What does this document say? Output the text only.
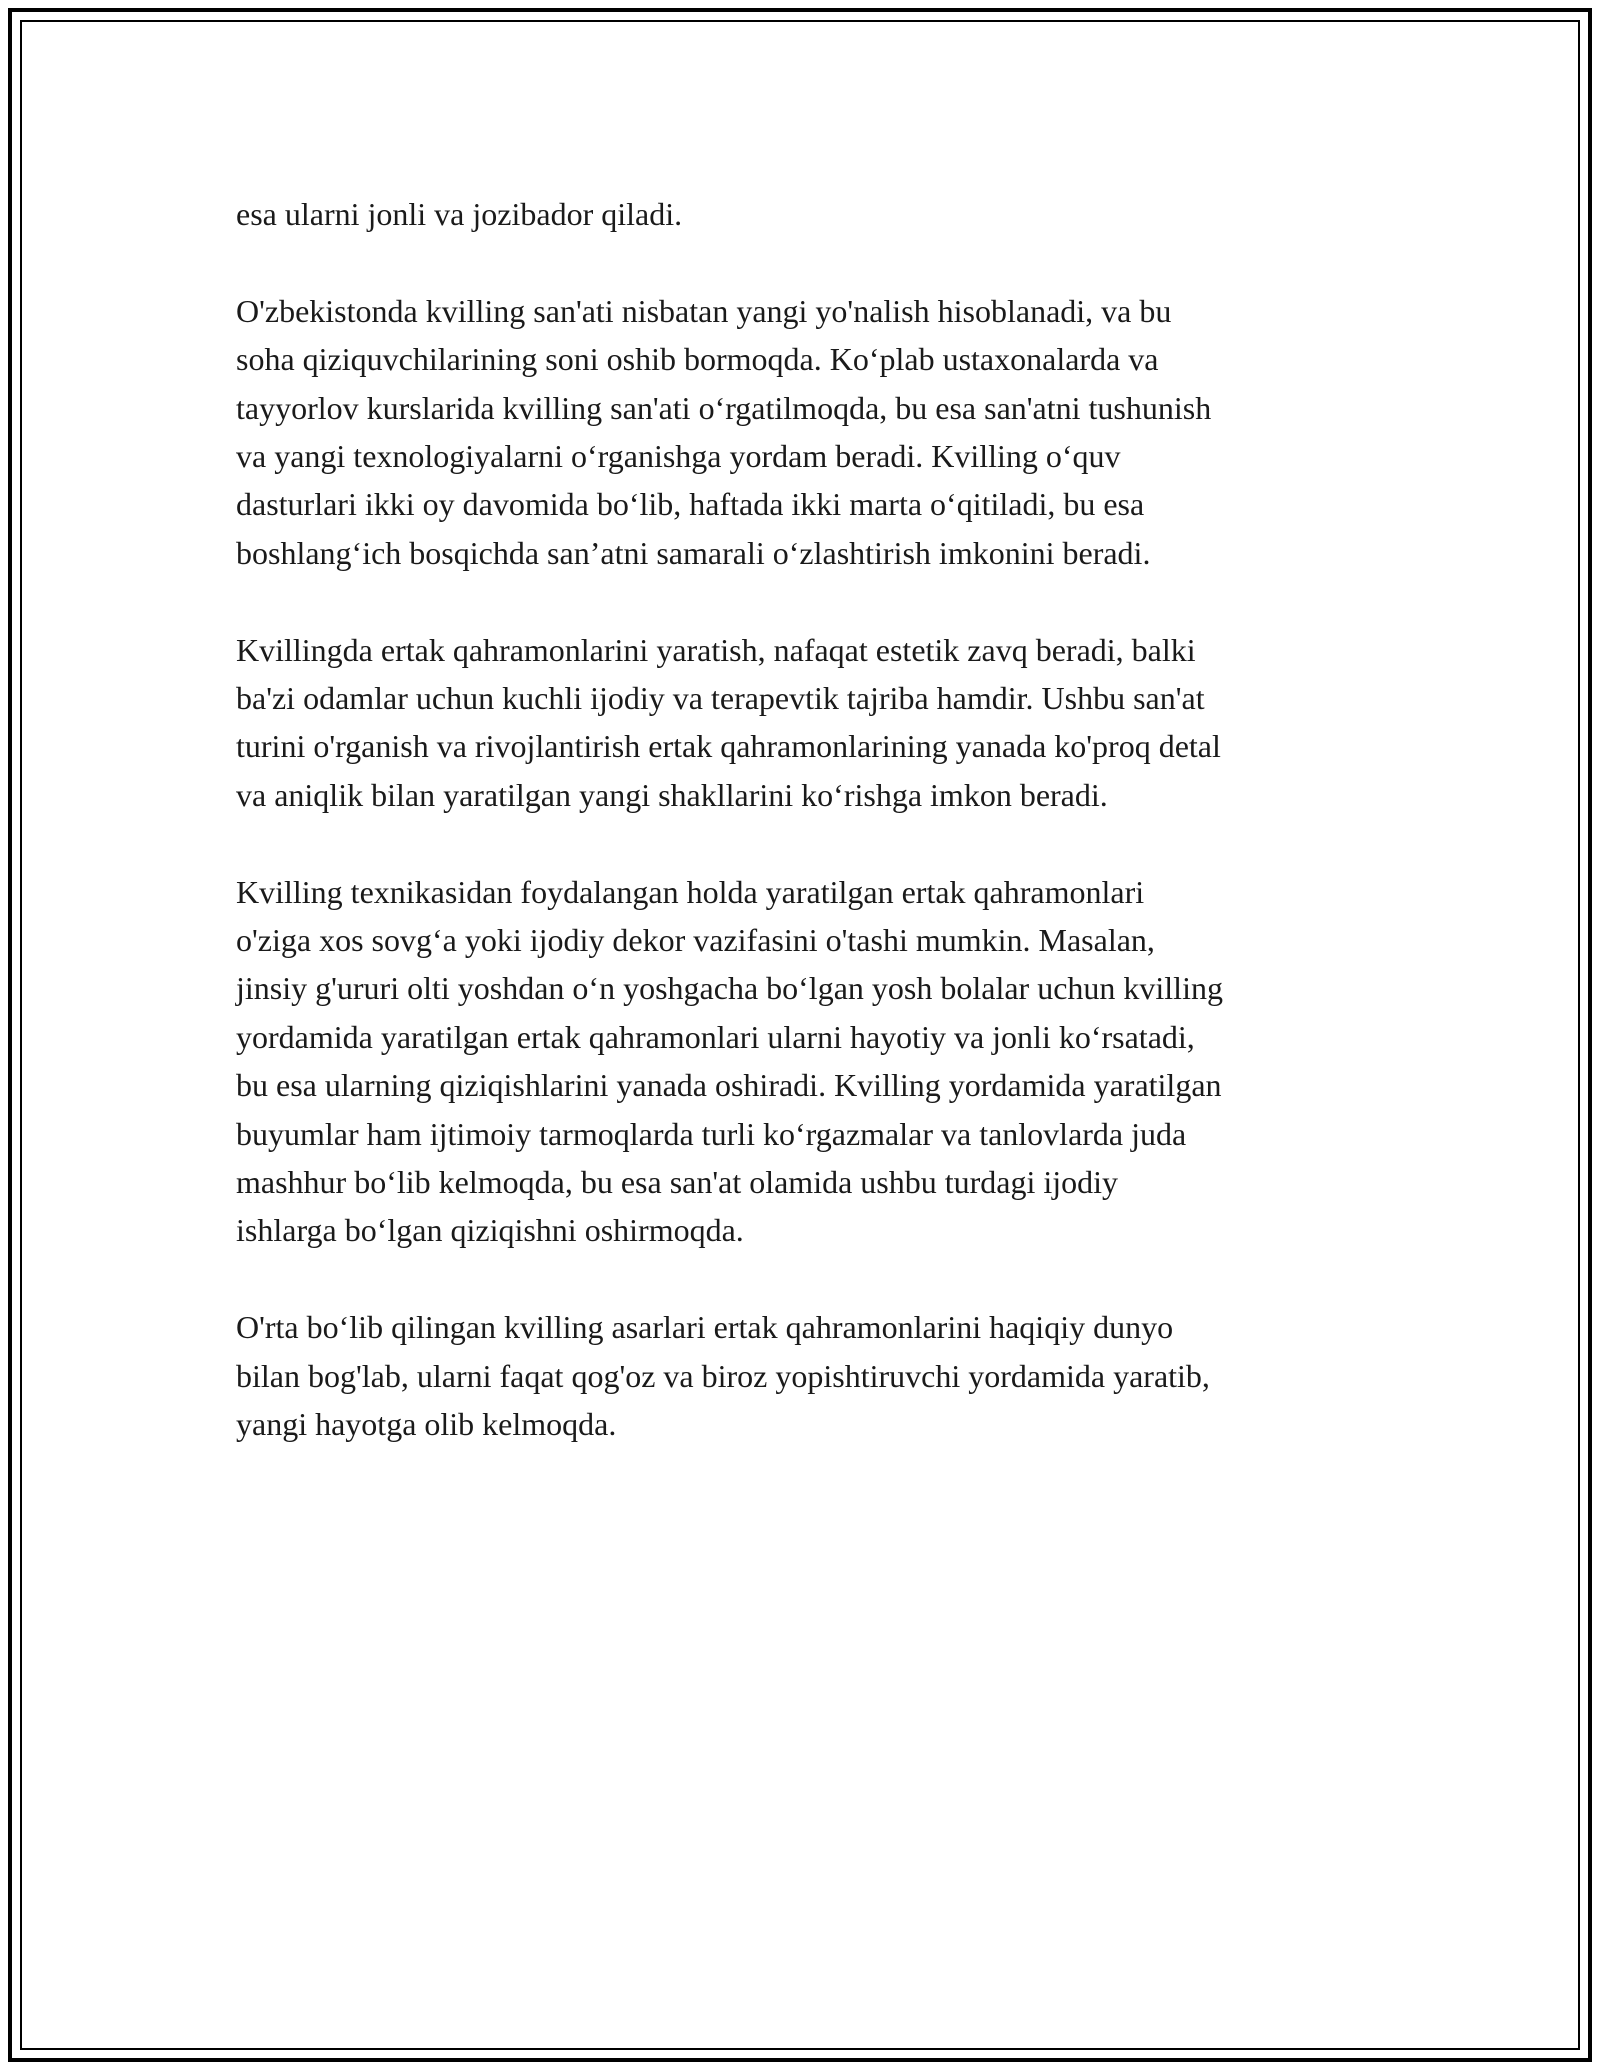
esa ularni jonli va jozibador qiladi.

O'zbekistonda kvilling san'ati nisbatan yangi yo'nalish hisoblanadi, va bu
soha qiziquvchilarining soni oshib bormoqda. Ko‘plab ustaxonalarda va
tayyorlov kurslarida kvilling san'ati o‘rgatilmoqda, bu esa san'atni tushunish
va yangi texnologiyalarni o‘rganishga yordam beradi. Kvilling o‘quv
dasturlari ikki oy davomida bo‘lib, haftada ikki marta o‘qitiladi, bu esa
boshlang‘ich bosqichda san’atni samarali o‘zlashtirish imkonini beradi.

Kvillingda ertak qahramonlarini yaratish, nafaqat estetik zavq beradi, balki
ba'zi odamlar uchun kuchli ijodiy va terapevtik tajriba hamdir. Ushbu san'at
turini o'rganish va rivojlantirish ertak qahramonlarining yanada ko'proq detal
va aniqlik bilan yaratilgan yangi shakllarini ko‘rishga imkon beradi.

Kvilling texnikasidan foydalangan holda yaratilgan ertak qahramonlari
o'ziga xos sovg‘a yoki ijodiy dekor vazifasini o'tashi mumkin. Masalan,
jinsiy g'ururi olti yoshdan o‘n yoshgacha bo‘lgan yosh bolalar uchun kvilling
yordamida yaratilgan ertak qahramonlari ularni hayotiy va jonli ko‘rsatadi,
bu esa ularning qiziqishlarini yanada oshiradi. Kvilling yordamida yaratilgan
buyumlar ham ijtimoiy tarmoqlarda turli ko‘rgazmalar va tanlovlarda juda
mashhur bo‘lib kelmoqda, bu esa san'at olamida ushbu turdagi ijodiy
ishlarga bo‘lgan qiziqishni oshirmoqda.

O'rta bo‘lib qilingan kvilling asarlari ertak qahramonlarini haqiqiy dunyo
bilan bog'lab, ularni faqat qog'oz va biroz yopishtiruvchi yordamida yaratib,
yangi hayotga olib kelmoqda.
